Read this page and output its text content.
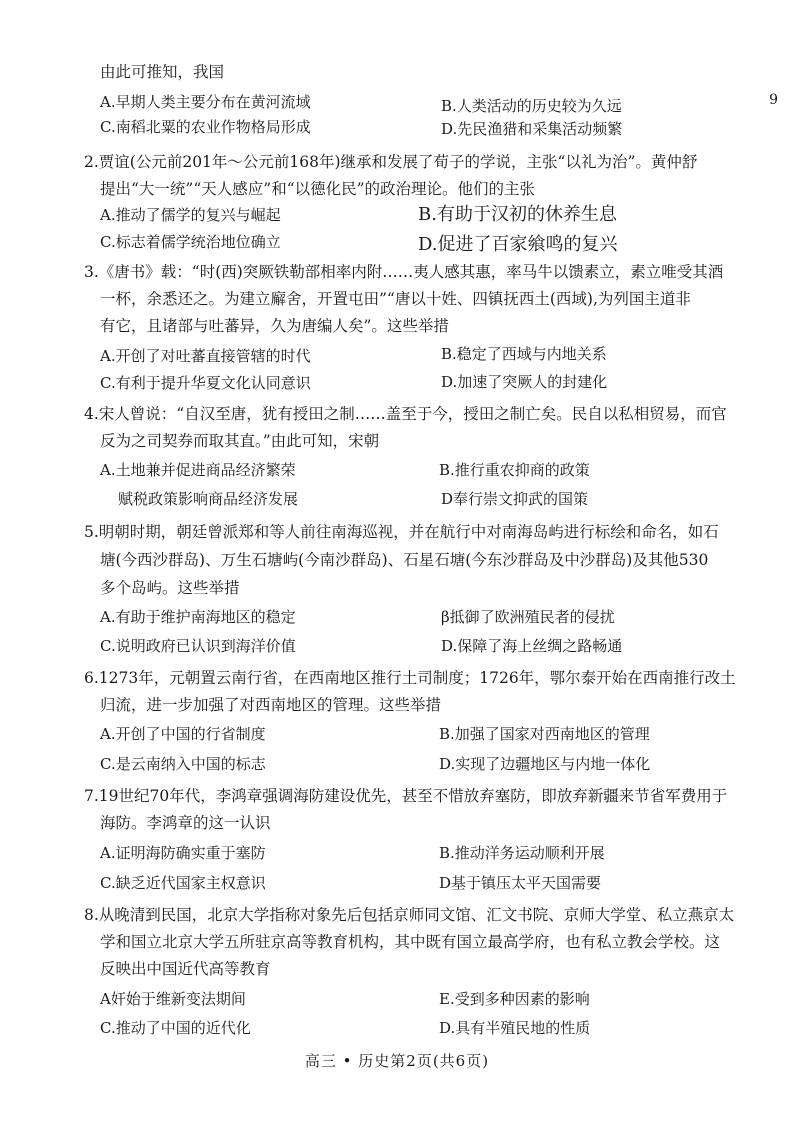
9
由此可推知，我国
A.早期人类主要分布在黄河流域	B.人类活动的历史较为久远
C.南稻北粟的农业作物格局形成	D.先民渔猎和采集活动频繁
2.贾谊(公元前201年～公元前168年)继承和发展了荀子的学说，主张“以礼为治”。黄仲舒
提出“大一统”“天人感应”和“以德化民”的政治理论。他们的主张
A.推动了儒学的复兴与崛起	B.有助于汉初的休养生息
C.标志着儒学统治地位确立	D.促进了百家飨鸣的复兴
3.《唐书》载：“时(西)突厥铁勒部相率内附……夷人感其惠，率马牛以馈素立，素立唯受其酒
一杯，余悉还之。为建立廨舍，开置屯田”“唐以十姓、四镇抚西土(西域),为列国主道非
有它，且诸部与吐蕃异，久为唐编人矣”。这些举措
A.开创了对吐蕃直接管辖的时代	B.稳定了西域与内地关系
C.有利于提升华夏文化认同意识	D.加速了突厥人的封建化
4.宋人曾说：“自汉至唐，犹有授田之制……盖至于今，授田之制亡矣。民自以私相贸易，而官
反为之司契券而取其直。”由此可知，宋朝
A.土地兼并促进商品经济繁荣	B.推行重农抑商的政策
赋税政策影响商品经济发展	D奉行崇文抑武的国策
5.明朝时期，朝廷曾派郑和等人前往南海巡视，并在航行中对南海岛屿进行标绘和命名，如石
塘(今西沙群岛)、万生石塘屿(今南沙群岛)、石星石塘(今东沙群岛及中沙群岛)及其他530
多个岛屿。这些举措
A.有助于维护南海地区的稳定	β抵御了欧洲殖民者的侵扰
C.说明政府已认识到海洋价值	D.保障了海上丝绸之路畅通
6.1273年，元朝置云南行省，在西南地区推行土司制度；1726年，鄂尔泰开始在西南推行改土
归流，进一步加强了对西南地区的管理。这些举措
A.开创了中国的行省制度	B.加强了国家对西南地区的管理
C.是云南纳入中国的标志	D.实现了边疆地区与内地一体化
7.19世纪70年代，李鸿章强调海防建设优先，甚至不惜放弃塞防，即放弃新疆来节省军费用于
海防。李鸿章的这一认识
A.证明海防确实重于塞防	B.推动洋务运动顺利开展
C.缺乏近代国家主权意识	D基于镇压太平天国需要
8.从晚清到民国，北京大学指称对象先后包括京师同文馆、汇文书院、京师大学堂、私立燕京太
学和国立北京大学五所驻京高等教育机构，其中既有国立最高学府，也有私立教会学校。这
反映出中国近代高等教育
A奸始于维新变法期间	E.受到多种因素的影响
C.推动了中国的近代化	D.具有半殖民地的性质
高三 • 历史第2页(共6页)
